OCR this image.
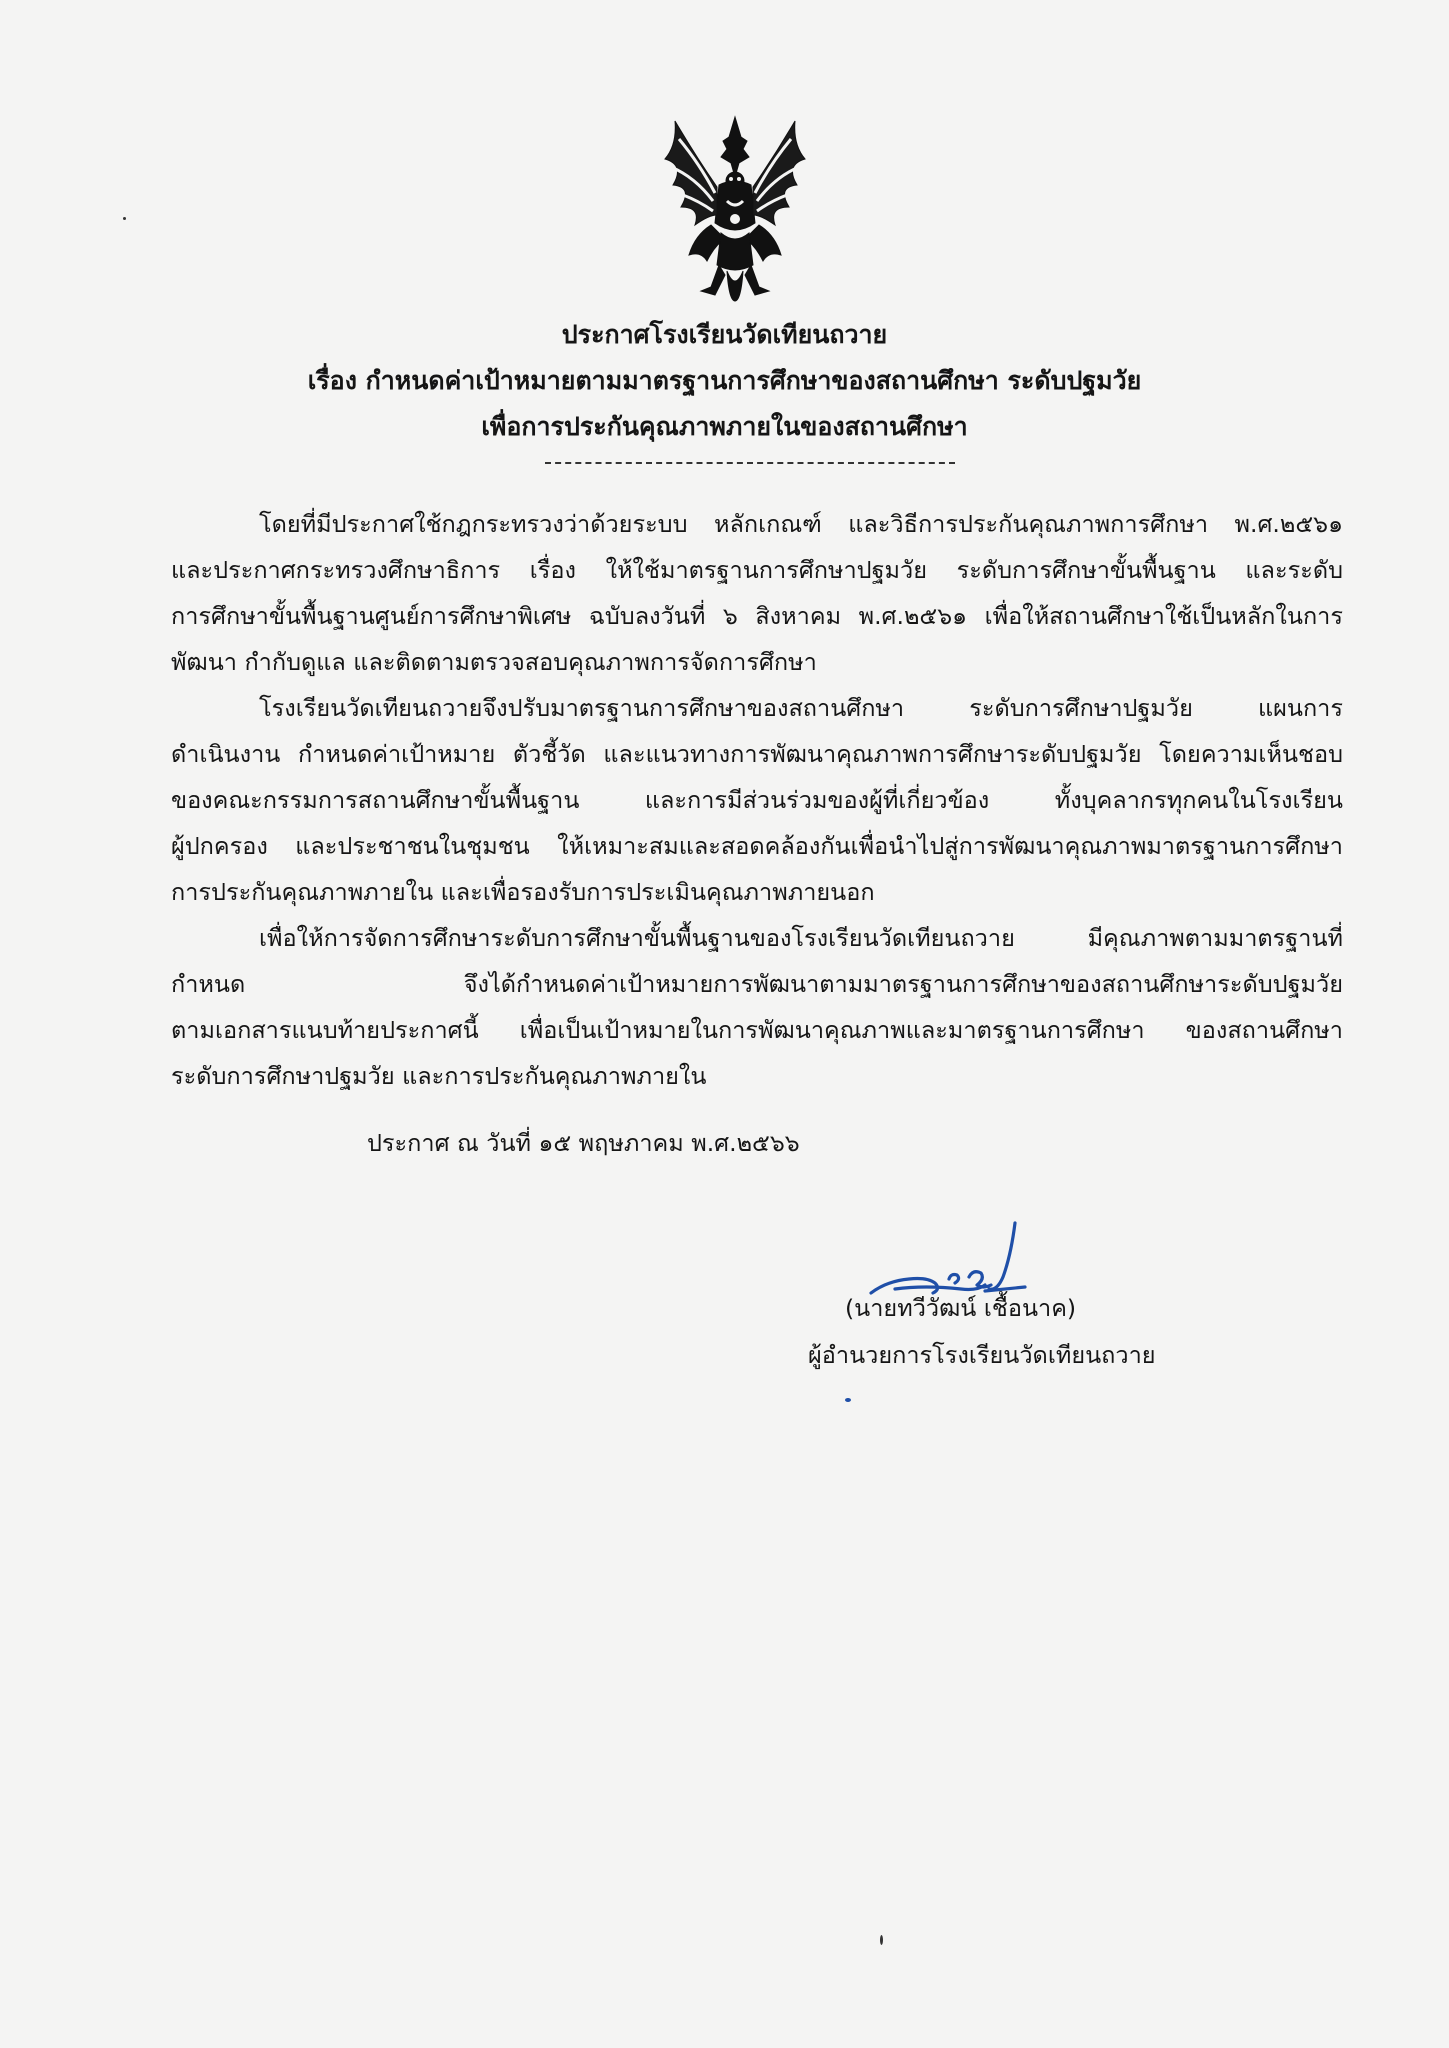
ประกาศโรงเรียนวัดเทียนถวาย
เรื่อง กำหนดค่าเป้าหมายตามมาตรฐานการศึกษาของสถานศึกษา ระดับปฐมวัย
เพื่อการประกันคุณภาพภายในของสถานศึกษา
โดยที่มีประกาศใช้กฎกระทรวงว่าด้วยระบบ หลักเกณฑ์ และวิธีการประกันคุณภาพการศึกษา พ.ศ.๒๕๖๑
และประกาศกระทรวงศึกษาธิการ เรื่อง ให้ใช้มาตรฐานการศึกษาปฐมวัย ระดับการศึกษาขั้นพื้นฐาน และระดับ
การศึกษาขั้นพื้นฐานศูนย์การศึกษาพิเศษ ฉบับลงวันที่ ๖ สิงหาคม พ.ศ.๒๕๖๑ เพื่อให้สถานศึกษาใช้เป็นหลักในการ
พัฒนา กำกับดูแล และติดตามตรวจสอบคุณภาพการจัดการศึกษา
โรงเรียนวัดเทียนถวายจึงปรับมาตรฐานการศึกษาของสถานศึกษา ระดับการศึกษาปฐมวัย แผนการ
ดำเนินงาน กำหนดค่าเป้าหมาย ตัวชี้วัด และแนวทางการพัฒนาคุณภาพการศึกษาระดับปฐมวัย โดยความเห็นชอบ
ของคณะกรรมการสถานศึกษาขั้นพื้นฐาน และการมีส่วนร่วมของผู้ที่เกี่ยวข้อง ทั้งบุคลากรทุกคนในโรงเรียน
ผู้ปกครอง และประชาชนในชุมชน ให้เหมาะสมและสอดคล้องกันเพื่อนำไปสู่การพัฒนาคุณภาพมาตรฐานการศึกษา
การประกันคุณภาพภายใน และเพื่อรองรับการประเมินคุณภาพภายนอก
เพื่อให้การจัดการศึกษาระดับการศึกษาขั้นพื้นฐานของโรงเรียนวัดเทียนถวาย มีคุณภาพตามมาตรฐานที่
กำหนด จึงได้กำหนดค่าเป้าหมายการพัฒนาตามมาตรฐานการศึกษาของสถานศึกษาระดับปฐมวัย
ตามเอกสารแนบท้ายประกาศนี้ เพื่อเป็นเป้าหมายในการพัฒนาคุณภาพและมาตรฐานการศึกษา ของสถานศึกษา
ระดับการศึกษาปฐมวัย และการประกันคุณภาพภายใน
ประกาศ ณ วันที่ ๑๕ พฤษภาคม พ.ศ.๒๕๖๖
(นายทวีวัฒน์ เชื้อนาค)
ผู้อำนวยการโรงเรียนวัดเทียนถวาย
